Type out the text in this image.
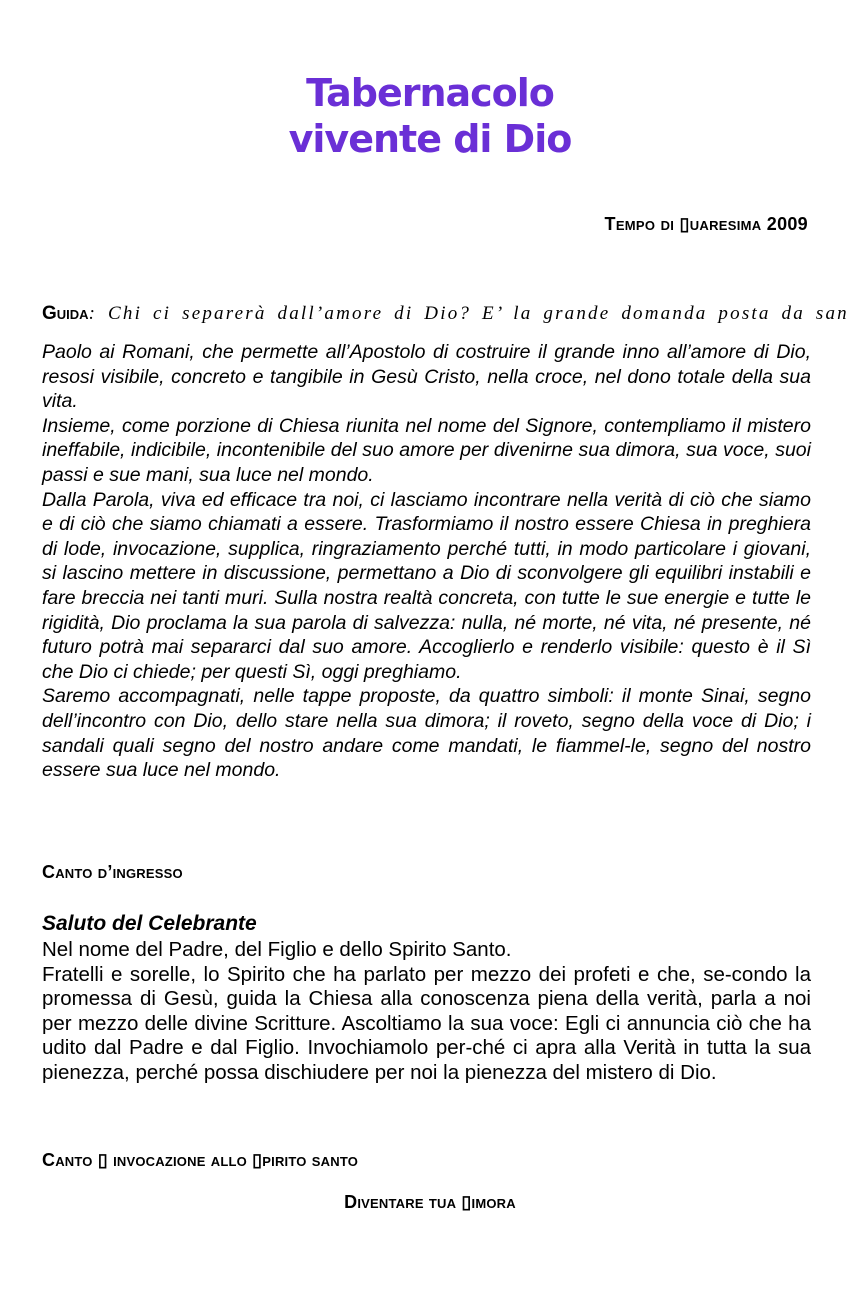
Tabernacolo
vivente di Dio
Tempo di ▯uaresima 2009
Guida: Chi ci separerà dall’amore di Dio? E’ la grande domanda posta da san

Paolo ai Romani, che permette all’Apostolo di costruire il grande inno all’amore di Dio, resosi visibile, concreto e tangibile in Gesù Cristo, nella croce, nel dono totale della sua vita.

Insieme, come porzione di Chiesa riunita nel nome del Signore, contempliamo il mistero ineffabile, indicibile, incontenibile del suo amore per divenirne sua dimora, sua voce, suoi passi e sue mani, sua luce nel mondo.

Dalla Parola, viva ed efficace tra noi, ci lasciamo incontrare nella verità di ciò che siamo e di ciò che siamo chiamati a essere. Trasformiamo il nostro essere Chiesa in preghiera di lode, invocazione, supplica, ringraziamento perché tutti, in modo particolare i giovani, si lascino mettere in discussione, permettano a Dio di sconvolgere gli equilibri instabili e fare breccia nei tanti muri. Sulla nostra realtà concreta, con tutte le sue energie e tutte le rigidità, Dio proclama la sua parola di salvezza: nulla, né morte, né vita, né presente, né futuro potrà mai separarci dal suo amore. Accoglierlo e renderlo visibile: questo è il Sì che Dio ci chiede; per questi Sì, oggi preghiamo.

Saremo accompagnati, nelle tappe proposte, da quattro simboli: il monte Sinai, segno dell’incontro con Dio, dello stare nella sua dimora; il roveto, segno della voce di Dio; i sandali quali segno del nostro andare come mandati, le fiammel-le, segno del nostro essere sua luce nel mondo.

Canto d’ingresso
Saluto del Celebrante

Nel nome del Padre, del Figlio e dello Spirito Santo.

Fratelli e sorelle, lo Spirito che ha parlato per mezzo dei profeti e che, se-condo la promessa di Gesù, guida la Chiesa alla conoscenza piena della verità, parla a noi per mezzo delle divine Scritture. Ascoltiamo la sua voce: Egli ci annuncia ciò che ha udito dal Padre e dal Figlio. Invochiamolo per-ché ci apra alla Verità in tutta la sua pienezza, perché possa dischiudere per noi la pienezza del mistero di Dio.

Canto ▯ invocazione allo ▯pirito santo
Diventare tua ▯imora
